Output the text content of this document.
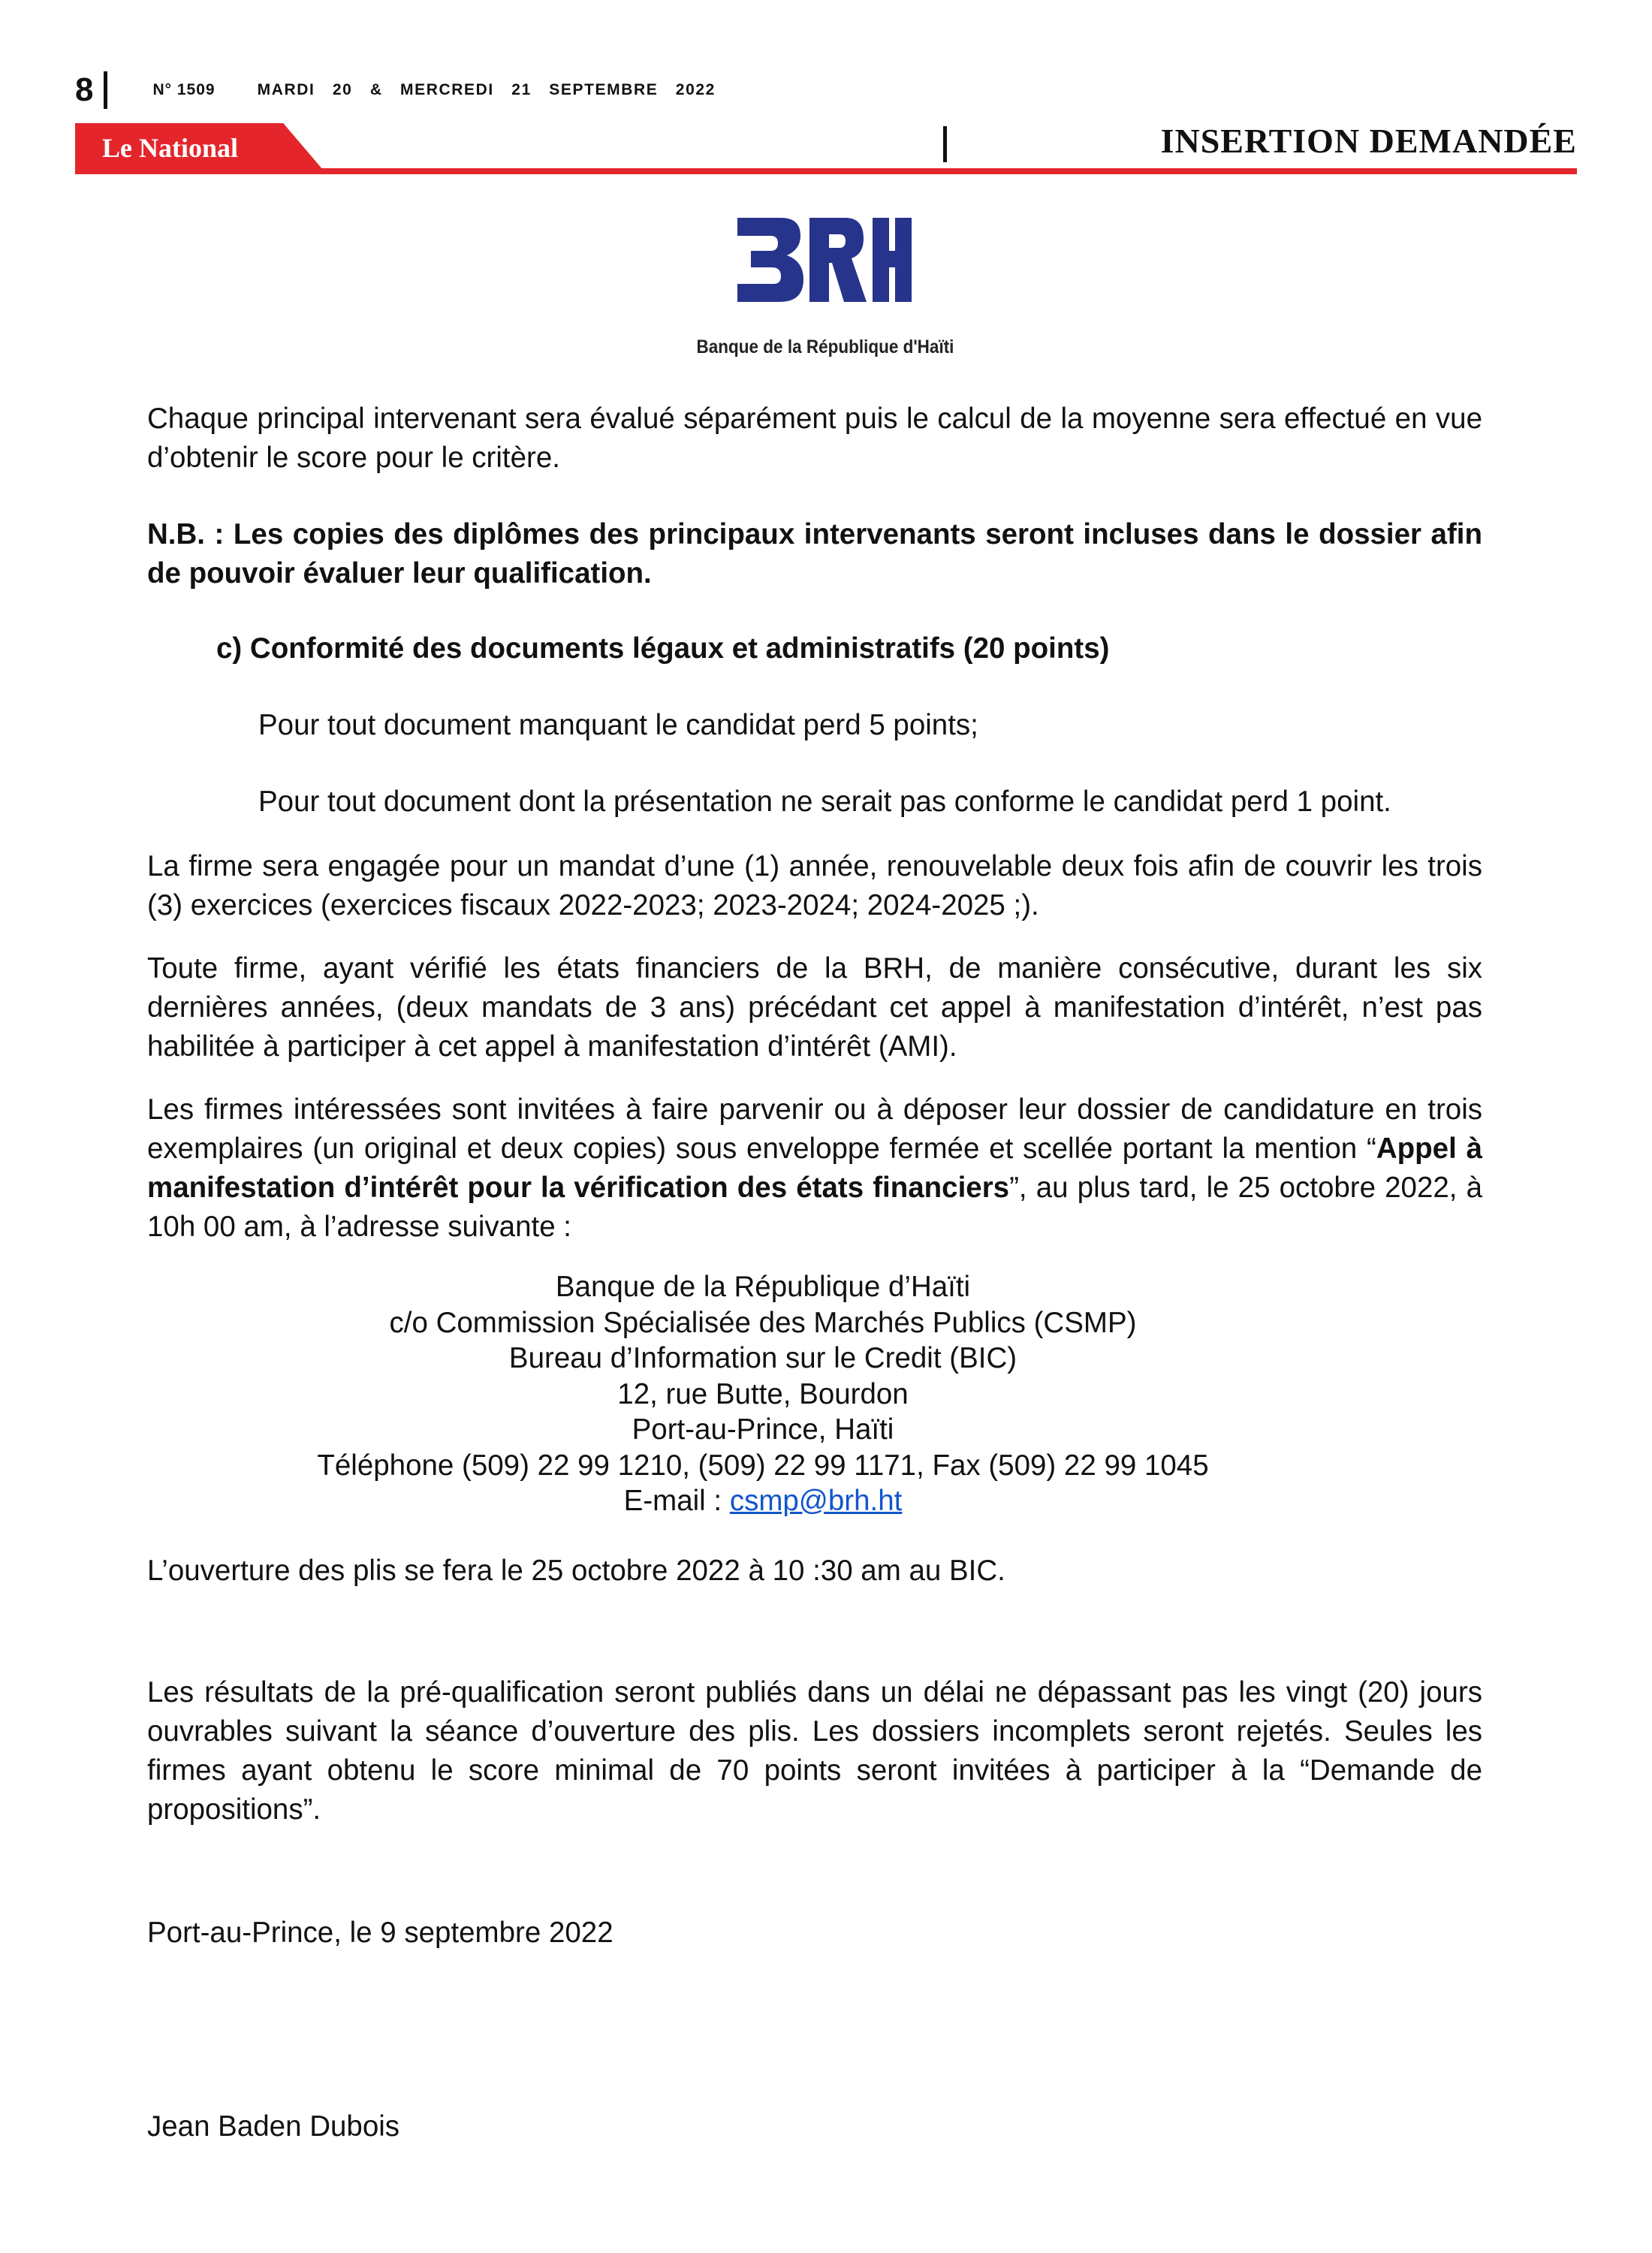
8	N° 1509	MARDI 20 & MERCREDI 21 SEPTEMBRE 2022
Le National	INSERTION DEMANDÉE
Banque de la République d'Haïti

Chaque principal intervenant sera évalué séparément puis le calcul de la moyenne sera effectué en vue d’obtenir le score pour le critère.

N.B. : Les copies des diplômes des principaux intervenants seront incluses dans le dossier afin de pouvoir évaluer leur qualification.

c) Conformité des documents légaux et administratifs (20 points)

Pour tout document manquant le candidat perd 5 points;

Pour tout document dont la présentation ne serait pas conforme le candidat perd 1 point.

La firme sera engagée pour un mandat d’une (1) année, renouvelable deux fois afin de couvrir les trois (3) exercices (exercices fiscaux 2022-2023; 2023-2024; 2024-2025 ;).

Toute firme, ayant vérifié les états financiers de la BRH, de manière consécutive, durant les six dernières années, (deux mandats de 3 ans) précédant cet appel à manifestation d’intérêt, n’est pas habilitée à participer à cet appel à manifestation d’intérêt (AMI).

Les firmes intéressées sont invitées à faire parvenir ou à déposer leur dossier de candidature en trois exemplaires (un original et deux copies) sous enveloppe fermée et scellée portant la mention “Appel à manifestation d’intérêt pour la vérification des états financiers”, au plus tard, le 25 octobre 2022, à 10h 00 am, à l’adresse suivante :

Banque de la République d’Haïti
c/o Commission Spécialisée des Marchés Publics (CSMP)
Bureau d’Information sur le Credit (BIC)
12, rue Butte, Bourdon
Port-au-Prince, Haïti
Téléphone (509) 22 99 1210, (509) 22 99 1171, Fax (509) 22 99 1045
E-mail : csmp@brh.ht

L’ouverture des plis se fera le 25 octobre 2022 à 10 :30 am au BIC.

Les résultats de la pré-qualification seront publiés dans un délai ne dépassant pas les vingt (20) jours ouvrables suivant la séance d’ouverture des plis. Les dossiers incomplets seront rejetés. Seules les firmes ayant obtenu le score minimal de 70 points seront invitées à participer à la “Demande de propositions”.

Port-au-Prince, le 9 septembre 2022

Jean Baden Dubois
